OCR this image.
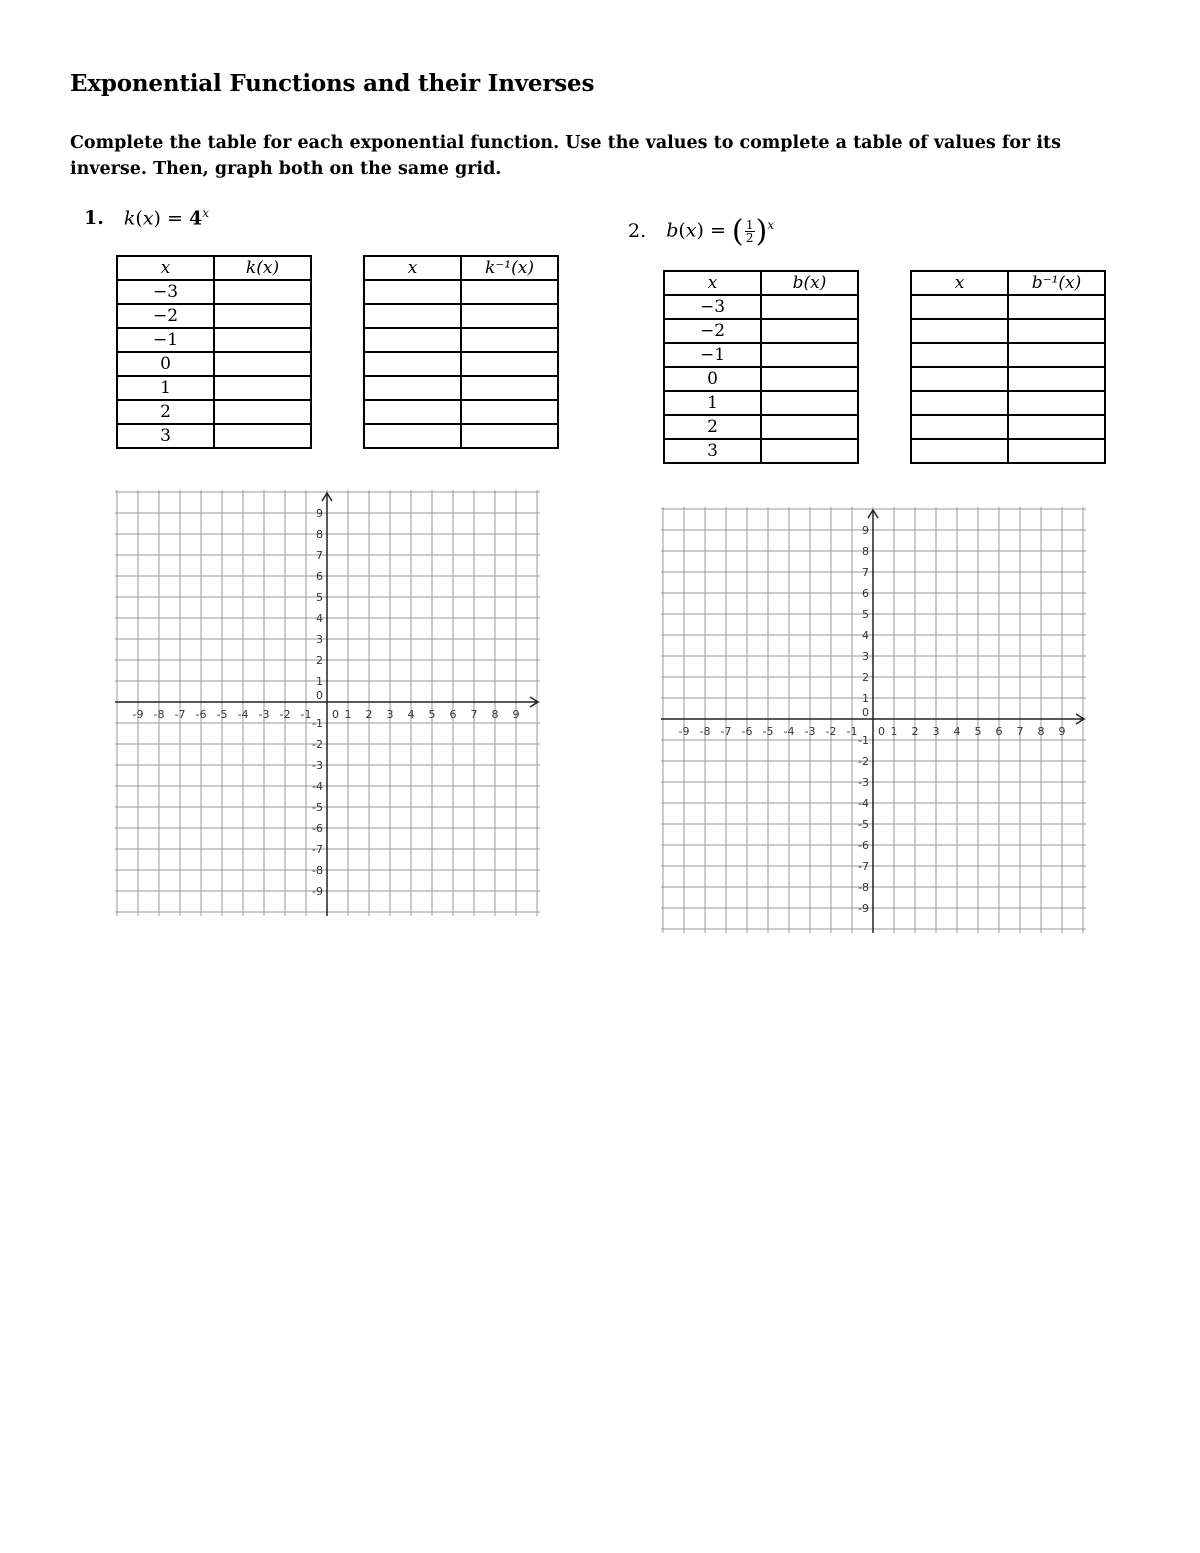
Exponential Functions and their Inverses

Complete the table for each exponential function. Use the values to complete a table of values for its inverse. Then, graph both on the same grid.

1. $k(x) = 4^x$
2. b(x) = ( $\frac{1}{2} )^x$
x	k(x)
−3	
−2	
−1	
0	
1	
2	
3	
x	k⁻¹(x)

x	b(x)
−3	
−2	
−1	
0	
1	
2	
3	
x	b⁻¹(x)

-9 -8 -7 -6 -5 -4 -3 -2 -1 0 1 2 3 4 5 6 7 8 9
9
8
7
6
5
4
3
2
1
0
-1
-2
-3
-4
-5
-6
-7
-8
-9
-9 -8 -7 -6 -5 -4 -3 -2 -1 0 1 2 3 4 5 6 7 8 9
9
8
7
6
5
4
3
2
1
0
-1
-2
-3
-4
-5
-6
-7
-8
-9
